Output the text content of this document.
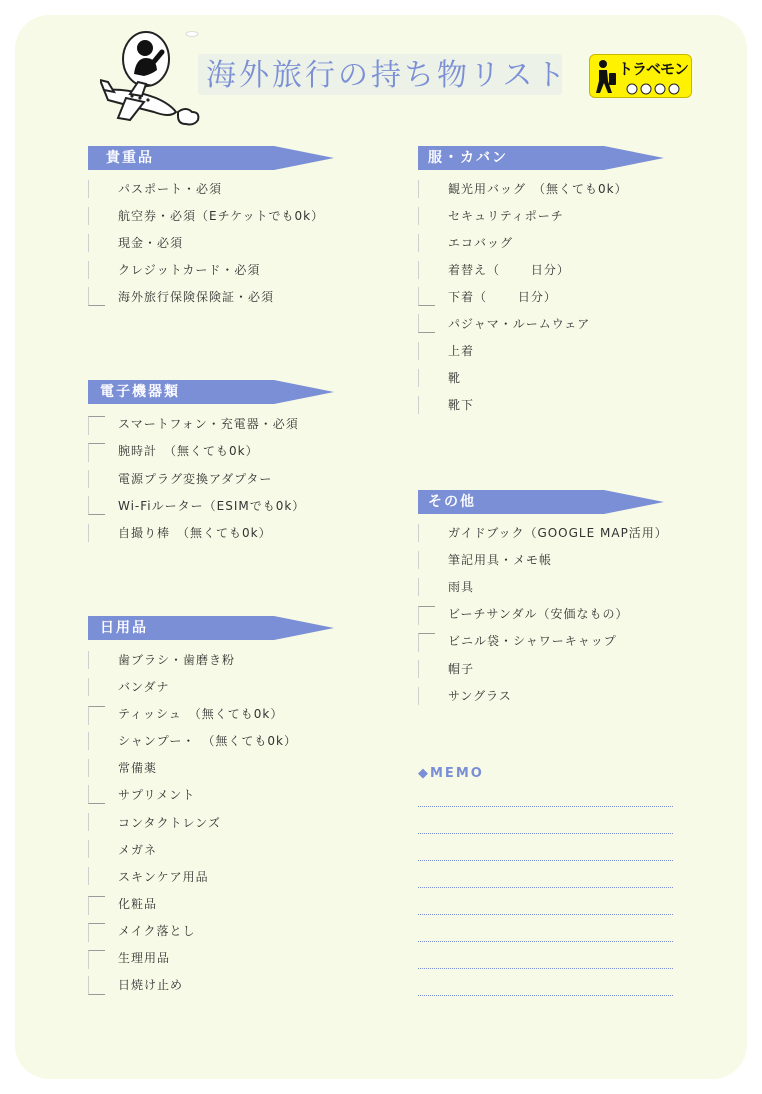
海外旅行の持ち物リスト	トラベモン
貴重品
パスポート・必須
航空券・必須（Eチケットでも0k）
現金・必須
クレジットカード・必須
海外旅行保険保険証・必須
電子機器類
スマートフォン・充電器・必須
腕時計　（無くても0k）
電源プラグ変換アダプター
Wi-Fiルーター（ESIMでも0k）
自撮り棒　（無くても0k）
日用品
歯ブラシ・歯磨き粉
バンダナ
ティッシュ　（無くても0k）
シャンプー・　（無くても0k）
常備薬
サプリメント
コンタクトレンズ
メガネ
スキンケア用品
化粧品
メイク落とし
生理用品
日焼け止め
服・カバン
観光用バッグ　（無くても0k）
セキュリティポーチ
エコバッグ
着替え（　　 日分）
下着（　　 日分）
パジャマ・ルームウェア
上着
靴
靴下
その他
ガイドブック（GOOGLE MAP活用）
筆記用具・メモ帳
雨具
ビーチサンダル（安価なもの）
ビニル袋・シャワーキャップ
帽子
サングラス
◆MEMO
